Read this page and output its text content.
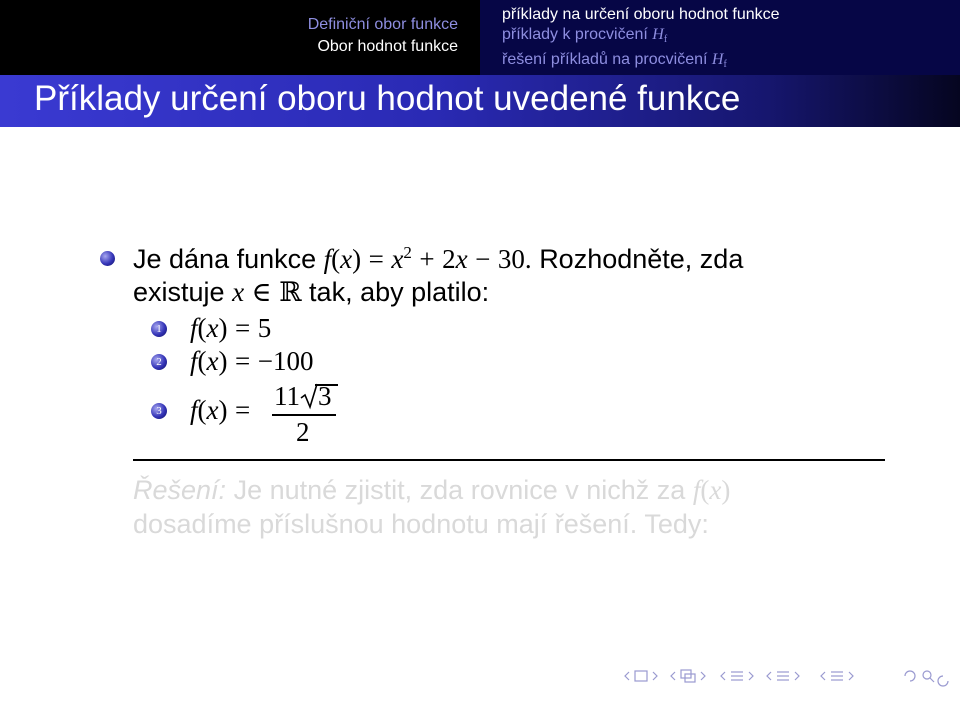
Definiční obor funkce
Obor hodnot funkce
příklady na určení oboru hodnot funkce
příklady k procvičení $H_f$
řešení příkladů na procvičení $H_f$
Příklady určení oboru hodnot uvedené funkce
Je dána funkce $f(x) = x^2 + 2x - 30$. Rozhodněte, zda
existuje x ∈ ℝ tak, aby platilo:
1 f(x) = 5
2 f(x) = −100
3 f(x) = 11 3
2
Řešení: Je nutné zjistit, zda rovnice v nichž za f(x)
dosadíme příslušnou hodnotu mají řešení. Tedy:
